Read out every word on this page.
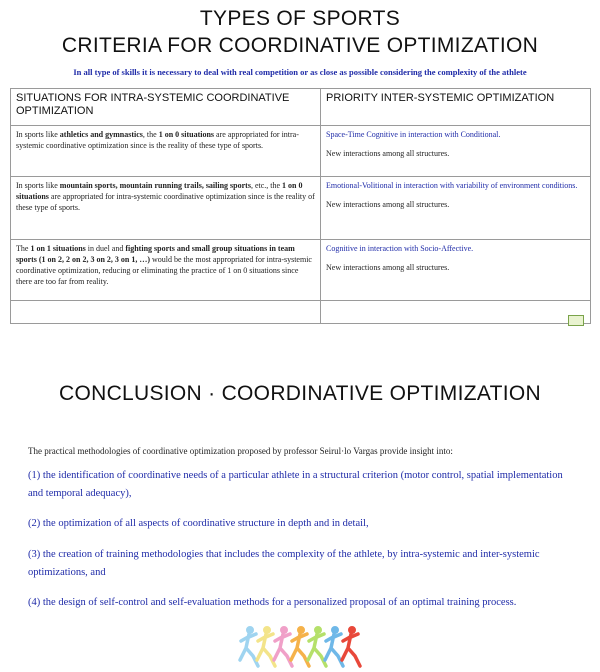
TYPES OF SPORTS
CRITERIA FOR COORDINATIVE OPTIMIZATION
In all type of skills it is necessary to deal with real competition or as close as possible considering the complexity of the athlete
SITUATIONS FOR INTRA-SYSTEMIC COORDINATIVE OPTIMIZATION	PRIORITY INTER-SYSTEMIC OPTIMIZATION
In sports like athletics and gymnastics, the 1 on 0 situations are appropriated for intra-systemic coordinative optimization since is the reality of these type of sports.	Space-Time Cognitive in interaction with Conditional.
New interactions among all structures.

In sports like mountain sports, mountain running trails, sailing sports, etc., the 1 on 0 situations are appropriated for intra-systemic coordinative optimization since is the reality of these type of sports.	Emotional-Volitional in interaction with variability of environment conditions.
New interactions among all structures.

The 1 on 1 situations in duel and fighting sports and small group situations in team sports (1 on 2, 2 on 2, 3 on 2, 3 on 1, …) would be the most appropriated for intra-systemic coordinative optimization, reducing or eliminating the practice of 1 on 0 situations since there are too far from reality.	Cognitive in interaction with Socio-Affective.
New interactions among all structures.

CONCLUSION · COORDINATIVE OPTIMIZATION
The practical methodologies of coordinative optimization proposed by professor Seirul·lo Vargas provide insight into:
(1) the identification of coordinative needs of a particular athlete in a structural criterion (motor control, spatial implementation and temporal adequacy),
(2) the optimization of all aspects of coordinative structure in depth and in detail,
(3) the creation of training methodologies that includes the complexity of the athlete, by intra-systemic and inter-systemic optimizations, and
(4) the design of self-control and self-evaluation methods for a personalized proposal of an optimal training process.
